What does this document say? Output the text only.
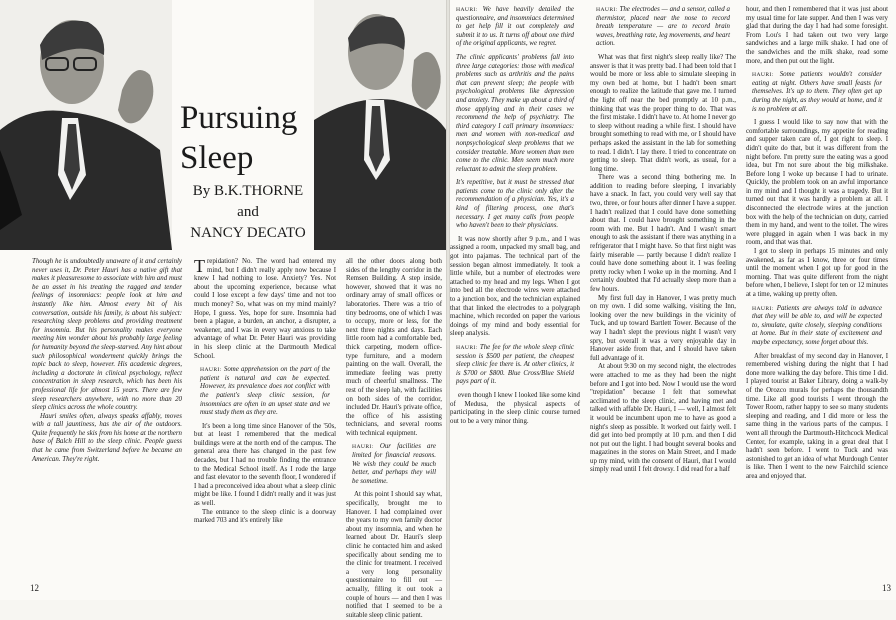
Pursuing
Sleep
By B.K.THORNE
and
NANCY DECATO

Though he is undoubtedly unaware of it and certainly never uses it, Dr. Peter Hauri has a native gift that makes it pleasuresome to associate with him and must be an asset in his treating the ragged and tender feelings of insomniacs: people look at him and instantly like him. Almost every bit of his conversation, outside his family, is about his subject: researching sleep problems and providing treatment for insomnia. But his personality makes everyone meeting him wonder about his probably large feeling for humanity beyond the sleep-starved. Any hint about such philosophical wonderment quickly brings the topic back to sleep, however. His academic degrees, including a doctorate in clinical psychology, reflect concentration in sleep research, which has been his professional life for almost 15 years. There are few sleep researchers anywhere, with no more than 20 sleep clinics across the whole country.

Hauri smiles often, always speaks affably, moves with a tall jauntiness, has the air of the outdoors. Quite frequently he skis from his home at the northern base of Balch Hill to the sleep clinic. People guess that he came from Switzerland before he became an American. They're right.

Trepidation? No. The word had entered my mind, but I didn't really apply now because I knew I had nothing to lose. Anxiety? Yes. Not about the upcoming experience, because what could I lose except a few days' time and not too much money? So, what was on my mind mainly? Hope, I guess. Yes, hope for sure. Insomnia had been a plague, a burden, an anchor, a disrupter, a weakener, and I was in every way anxious to take advantage of what Dr. Peter Hauri was providing in his sleep clinic at the Dartmouth Medical School.

HAURI: Some apprehension on the part of the patient is natural and can be expected. However, its prevalence does not conflict with the patient's sleep clinic session, for insomniacs are often in an upset state and we must study them as they are.

It's been a long time since Hanover of the '50s, but at least I remembered that the medical buildings were at the north end of the campus. The general area there has changed in the past few decades, but I had no trouble finding the entrance to the Medical School itself. As I rode the large and fast elevator to the seventh floor, I wondered if I had a preconceived idea about what a sleep clinic might be like. I found I didn't really and it was just as well.

The entrance to the sleep clinic is a doorway marked 703 and it's entirely like

all the other doors along both sides of the lengthy corridor in the Remsen Building. A step inside, however, showed that it was no ordinary array of small offices or laboratories. There was a trio of tiny bedrooms, one of which I was to occupy, more or less, for the next three nights and days. Each little room had a comfortable bed, thick carpeting, modern office-type furniture, and a modern painting on the wall. Overall, the immediate feeling was pretty much of cheerful smallness. The rest of the sleep lab, with facilities on both sides of the corridor, included Dr. Hauri's private office, the office of his assisting technicians, and several rooms with technical equipment.

HAURI: Our facilities are limited for financial reasons. We wish they could be much better, and perhaps they will be sometime.

At this point I should say what, specifically, brought me to Hanover. I had complained over the years to my own family doctor about my insomnia, and when he learned about Dr. Hauri's sleep clinic he contacted him and asked specifically about sending me to the clinic for treatment. I received a very long personality questionnaire to fill out — actually, filling it out took a couple of hours — and then I was notified that I seemed to be a suitable sleep clinic patient.

12

HAURI: We have heavily detailed the questionnaire, and insomniacs determined to get help fill it out completely and submit it to us. It turns off about one third of the original applicants, we regret.

The clinic applicants' problems fall into three large categories: those with medical problems such as arthritis and the pains that can prevent sleep; the people with psychological problems like depression and anxiety. They make up about a third of those applying and in their cases we recommend the help of psychiatry. The third category I call primary insomniacs: men and women with non-medical and nonpsychological sleep problems that we consider treatable. More women than men come to the clinic. Men seem much more reluctant to admit the sleep problem.

It's repetitive, but it must be stressed that patients come to the clinic only after the recommendation of a physician. Yes, it's a kind of filtering process, one that's necessary. I get many calls from people who haven't been to their physicians.

It was now shortly after 9 p.m., and I was assigned a room, unpacked my small bag, and got into pajamas. The technical part of the session began almost immediately. It took a little while, but a number of electrodes were attached to my head and my legs. When I got into bed all the electrode wires were attached to a junction box, and the technician explained that that linked the electrodes to a polygraph machine, which recorded on paper the various doings of my mind and body essential for sleep analysis.

HAURI: The fee for the whole sleep clinic session is $500 per patient, the cheapest sleep clinic fee there is. At other clinics, it is $700 or $800. Blue Cross/Blue Shield pays part of it.

even though I knew I looked like some kind of Medusa, the physical aspects of participating in the sleep clinic course turned out to be a very minor thing.

HAURI: The electrodes — and a sensor, called a thermistor, placed near the nose to record breath temperature — are to record brain waves, breathing rate, leg movements, and heart action.

What was that first night's sleep really like? The answer is that it was pretty bad. I had been told that I would be more or less able to simulate sleeping in my own bed at home, but I hadn't been smart enough to realize the latitude that gave me. I turned the light off near the bed promptly at 10 p.m., thinking that was the proper thing to do. That was the first mistake. I didn't have to. At home I never go to sleep without reading a while first. I should have brought something to read with me, or I should have perhaps asked the assistant in the lab for something to read. I didn't. I lay there. I tried to concentrate on getting to sleep. That didn't work, as usual, for a long time.

There was a second thing bothering me. In addition to reading before sleeping, I invariably have a snack. In fact, you could very well say that two, three, or four hours after dinner I have a supper. I hadn't realized that I could have done something about that. I could have brought something in the room with me. But I hadn't. And I wasn't smart enough to ask the assistant if there was anything in a refrigerator that I might have. So that first night was fairly miserable — partly because I didn't realize I could have done something about it. I was feeling pretty rocky when I woke up in the morning. And I certainly doubted that I'd actually sleep more than a few hours.

My first full day in Hanover, I was pretty much on my own. I did some walking, visiting the Inn, looking over the new buildings in the vicinity of Tuck, and up toward Bartlett Tower. Because of the way I hadn't slept the previous night I wasn't very spry, but overall it was a very enjoyable day in Hanover aside from that, and I should have taken full advantage of it.

At about 9:30 on my second night, the electrodes were attached to me as they had been the night before and I got into bed. Now I would use the word "trepidation" because I felt that somewhat acclimated to the sleep clinic, and having met and talked with affable Dr. Hauri, I — well, I almost felt it would be incumbent upon me to have as good a night's sleep as possible. It worked out fairly well. I did get into bed promptly at 10 p.m. and then I did not put out the light. I had bought several books and magazines in the stores on Main Street, and I made up my mind, with the consent of Hauri, that I would simply read until I felt drowsy. I did read for a half

hour, and then I remembered that it was just about my usual time for late supper. And then I was very glad that during the day I had had some foresight. From Lou's I had taken out two very large sandwiches and a large milk shake. I had one of the sandwiches and the milk shake, read some more, and then put out the light.

HAURI: Some patients wouldn't consider eating at night. Others have small feasts for themselves. It's up to them. They often get up during the night, as they would at home, and it is no problem at all.

I guess I would like to say now that with the comfortable surroundings, my appetite for reading and supper taken care of, I got right to sleep. I didn't quite do that, but it was different from the night before. I'm pretty sure the eating was a good idea, but I'm not sure about the big milkshake. Before long I woke up because I had to urinate. Quickly, the problem took on an awful importance in my mind and I thought it was a tragedy. But it turned out that it was hardly a problem at all. I disconnected the electrode wires at the junction box with the help of the technician on duty, carried them in my hand, and went to the toilet. The wires were plugged in again when I was back in my room, and that was that.

I got to sleep in perhaps 15 minutes and only awakened, as far as I know, three or four times until the moment when I got up for good in the morning. That was quite different from the night before when, I believe, I slept for ten or 12 minutes at a time, waking up pretty often.

HAURI: Patients are always told in advance that they will be able to, and will be expected to, simulate, quite closely, sleeping conditions at home. But in their state of excitement and maybe expectancy, some forget about this.

After breakfast of my second day in Hanover, I remembered wishing during the night that I had done more walking the day before. This time I did. I played tourist at Baker Library, doing a walk-by of the Orozco murals for perhaps the thousandth time. Like all good tourists I went through the Tower Room, rather happy to see so many students sleeping and reading, and I did more or less the same thing in the various parts of the campus. I went all through the Dartmouth-Hitchcock Medical Center, for example, taking in a great deal that I hadn't seen before. I went to Tuck and was astonished to get an idea of what Murdough Center is like. Then I went to the new Fairchild science area and enjoyed that.

13
